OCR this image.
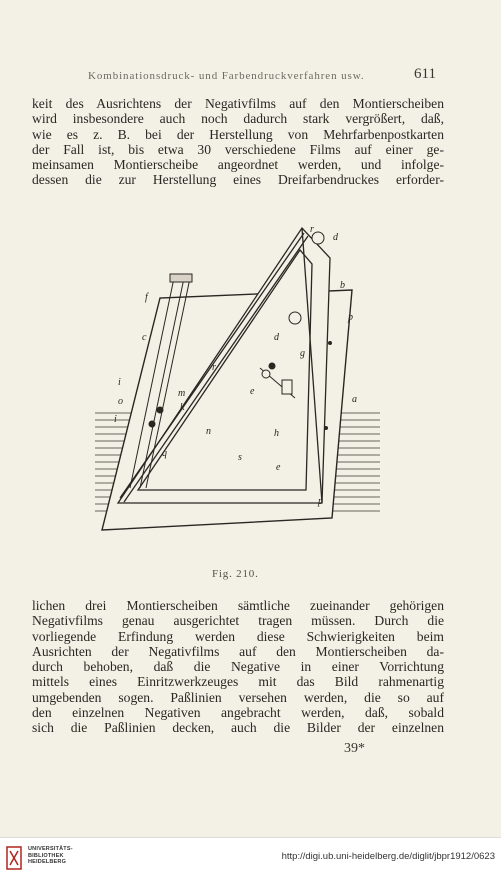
Kombinationsdruck- und Farbendruckverfahren usw.	611
keit des Ausrichtens der Negativfilms auf den Montierscheiben
wird insbesondere auch noch dadurch stark vergrößert, daß,
wie es z. B. bei der Herstellung von Mehrfarbenpostkarten
der Fall ist, bis etwa 30 verschiedene Films auf einer ge-
meinsamen Montierscheibe angeordnet werden, und infolge-
dessen die zur Herstellung eines Dreifarbendruckes erforder-
r
d
b
f
c
p
d
g
r
e
i
o
m
k
i
h
a
n
q	s
e
p
Fig. 210.
lichen drei Montierscheiben sämtliche zueinander gehörigen
Negativfilms genau ausgerichtet tragen müssen. Durch die
vorliegende Erfindung werden diese Schwierigkeiten beim
Ausrichten der Negativfilms auf den Montierscheiben da-
durch behoben, daß die Negative in einer Vorrichtung
mittels eines Einritzwerkzeuges mit das Bild rahmenartig
umgebenden sogen. Paßlinien versehen werden, die so auf
den einzelnen Negativen angebracht werden, daß, sobald
sich die Paßlinien decken, auch die Bilder der einzelnen
39*
UNIVERSITÄTS-
BIBLIOTHEK
HEIDELBERG
http://digi.ub.uni-heidelberg.de/diglit/jbpr1912/0623
